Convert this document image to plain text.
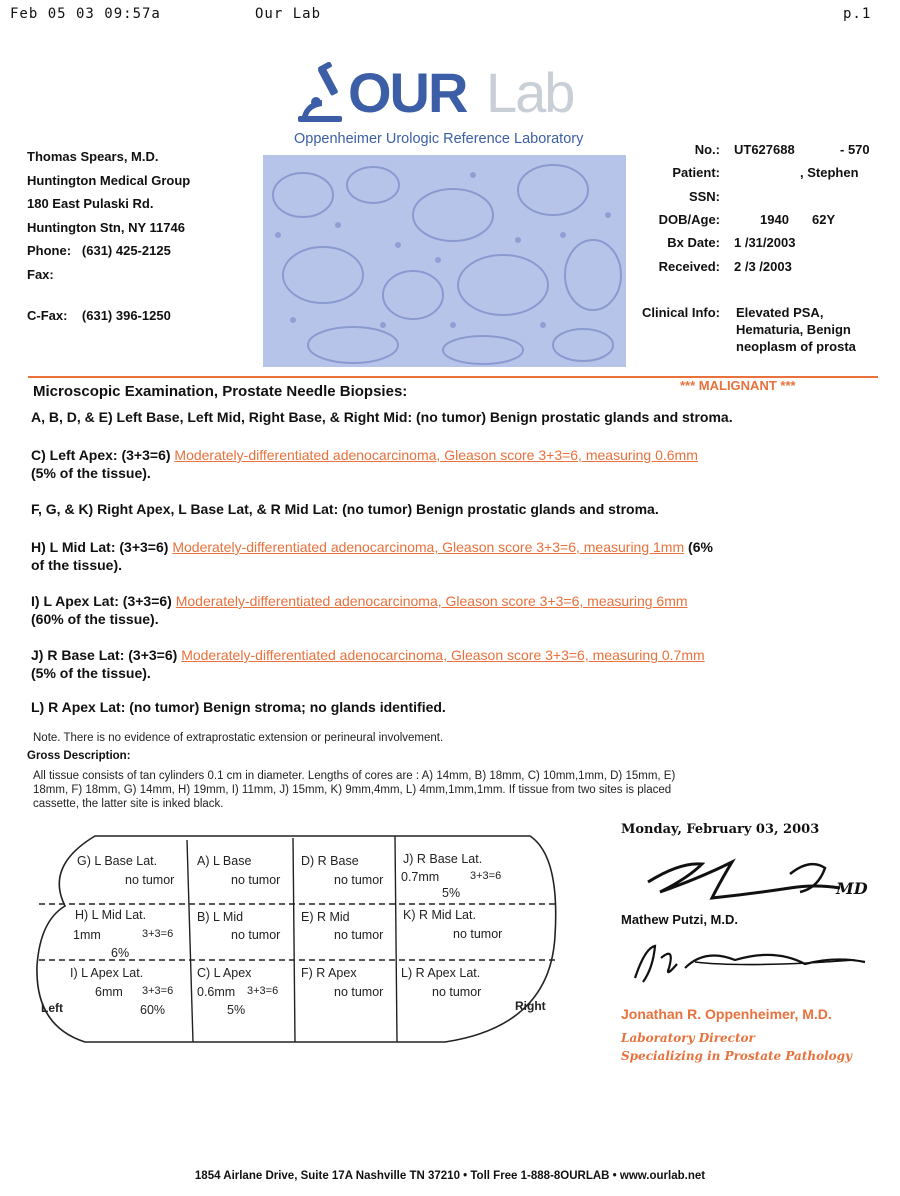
Feb 05 03 09:57a	Our Lab	p.1
OUR Lab
Oppenheimer Urologic Reference Laboratory
Thomas Spears, M.D.
Huntington Medical Group
180 East Pulaski Rd.
Huntington Stn, NY 11746
Phone: (631) 425-2125
Fax:
C-Fax: (631) 396-1250
No.: UT627688	- 570
Patient:	, Stephen
SSN:
DOB/Age:	1940 62Y
Bx Date: 1 /31/2003
Received: 2 /3 /2003
Clinical Info: Elevated PSA,
Hematuria, Benign
neoplasm of prosta
Microscopic Examination, Prostate Needle Biopsies:	*** MALIGNANT ***
A, B, D, & E) Left Base, Left Mid, Right Base, & Right Mid: (no tumor) Benign prostatic glands and stroma.
C) Left Apex: (3+3=6) Moderately-differentiated adenocarcinoma, Gleason score 3+3=6, measuring 0.6mm
(5% of the tissue).
F, G, & K) Right Apex, L Base Lat, & R Mid Lat: (no tumor) Benign prostatic glands and stroma.
H) L Mid Lat: (3+3=6) Moderately-differentiated adenocarcinoma, Gleason score 3+3=6, measuring 1mm (6%
of the tissue).
I) L Apex Lat: (3+3=6) Moderately-differentiated adenocarcinoma, Gleason score 3+3=6, measuring 6mm
(60% of the tissue).
J) R Base Lat: (3+3=6) Moderately-differentiated adenocarcinoma, Gleason score 3+3=6, measuring 0.7mm
(5% of the tissue).
L) R Apex Lat: (no tumor) Benign stroma; no glands identified.
Note. There is no evidence of extraprostatic extension or perineural involvement.
Gross Description:
All tissue consists of tan cylinders 0.1 cm in diameter. Lengths of cores are : A) 14mm, B) 18mm, C) 10mm,1mm, D) 15mm, E)
18mm, F) 18mm, G) 14mm, H) 19mm, I) 11mm, J) 15mm, K) 9mm,4mm, L) 4mm,1mm,1mm. If tissue from two sites is placed
cassette, the latter site is inked black.
G) L Base Lat.
no tumor
A) L Base
no tumor
D) R Base
no tumor
J) R Base Lat.
0.7mm	3+3=6
5%
H) L Mid Lat.
1mm	3+3=6
6%
B) L Mid
no tumor
E) R Mid
no tumor
K) R Mid Lat.
no tumor
I) L Apex Lat.
6mm 3+3=6
60%
C) L Apex
0.6mm 3+3=6
5%
F) R Apex
no tumor
L) R Apex Lat.
no tumor
Left	Right
Monday, February 03, 2003
MD
Mathew Putzi, M.D.
Jonathan R. Oppenheimer, M.D.
Laboratory Director
Specializing in Prostate Pathology
1854 Airlane Drive, Suite 17A Nashville TN 37210 • Toll Free 1-888-8OURLAB • www.ourlab.net
